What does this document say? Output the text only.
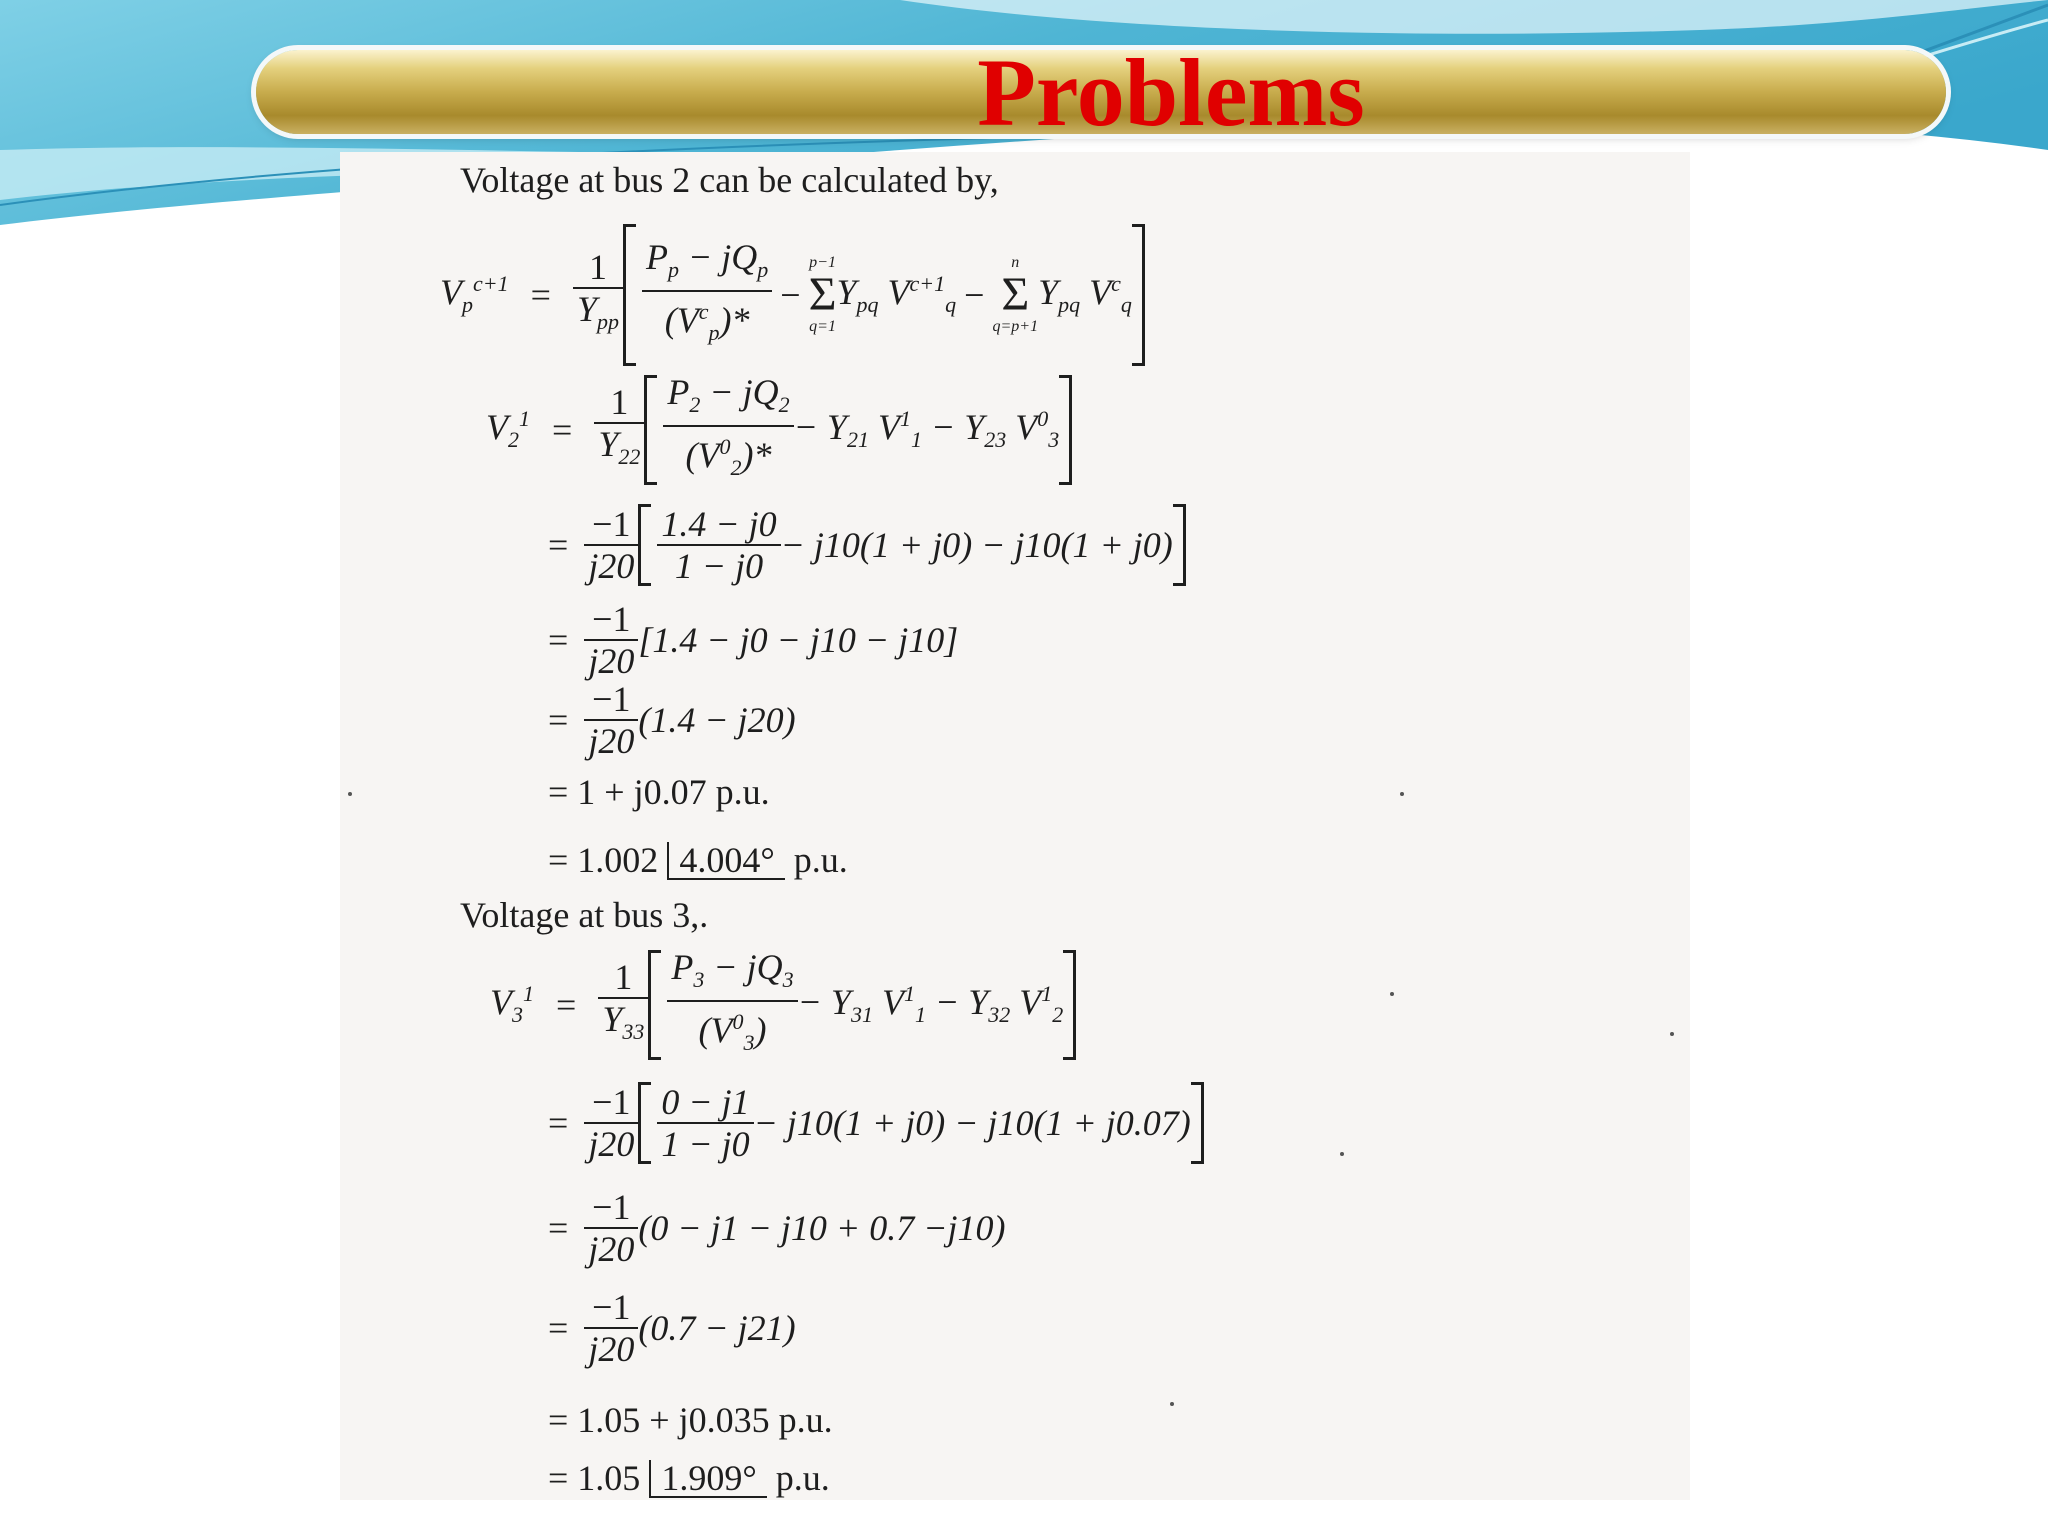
Problems
Voltage at bus 2 can be calculated by,
$V_p^{c+1} = \frac{1}{Y_{pp}} \frac{P_p - jQ_p}{(V^c_p)*}$ −
p−1
Σ
q=1
$Y_{pq}$ $V^{c+1}_q$ −
n
Σ
q=p+1
$Y_{pq}$ $V^c_q$
$V_2^1 = \frac{1}{Y_{22}} \frac{P_2 - jQ_2}{(V^0_2)*} - Y_{21}$ $V^1_1 - Y_{23}$ $V^0_3$
= $\frac{-1}{j20} \frac{1.4 - j0}{1 - j0} - j10(1 + j0) - j10(1 + j0)$
= $\frac{-1}{j20} [1.4 - j0 - j10 - j10]$
= $\frac{-1}{j20} (1.4 - j20)$
= 1 + j0.07 p.u.
= 1.002 4.004° p.u.
Voltage at bus 3,.
$V_3^1 = \frac{1}{Y_{33}} \frac{P_3 - jQ_3}{(V^0_3)} - Y_{31}$ $V^1_1 - Y_{32}$ $V^1_2$
= $\frac{-1}{j20} \frac{0 - j1}{1 - j0} - j10(1 + j0) - j10(1 + j0.07)$
= $\frac{-1}{j20} (0 - j1 - j10 + 0.7 -j10)$
= $\frac{-1}{j20} (0.7 - j21)$
= 1.05 + j0.035 p.u.
= 1.05 1.909° p.u.
